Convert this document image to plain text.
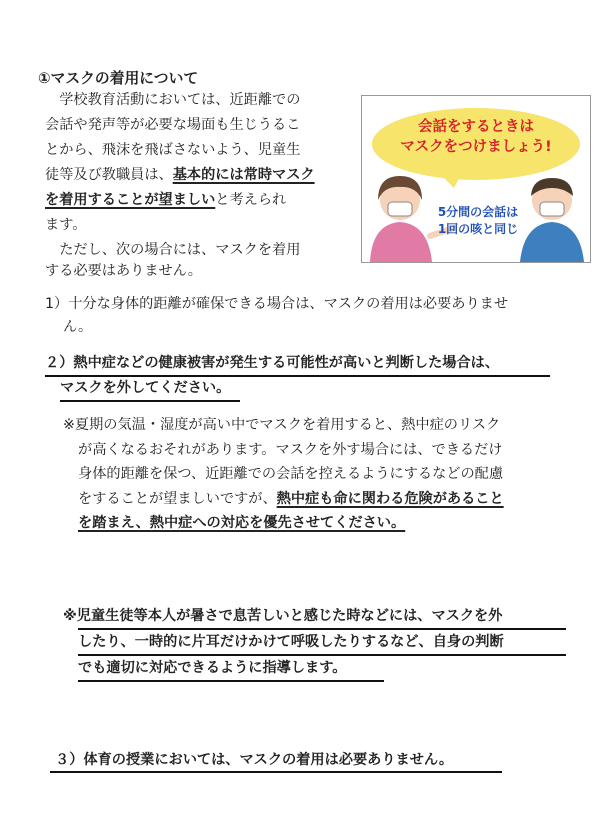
①マスクの着用について
　学校教育活動においては、近距離での
会話や発声等が必要な場面も生じうるこ
とから、飛沫を飛ばさないよう、児童生
徒等及び教職員は、基本的には常時マスク
を着用することが望ましいと考えられ
ます。
　ただし、次の場合には、マスクを着用
する必要はありません。
会話をするときは
マスクをつけましょう!
5分間の会話は
1回の咳と同じ
1）十分な身体的距離が確保できる場合は、マスクの着用は必要ありませ
ん。
２）熱中症などの健康被害が発生する可能性が高いと判断した場合は、
マスクを外してください。
※夏期の気温・湿度が高い中でマスクを着用すると、熱中症のリスク
が高くなるおそれがあります。マスクを外す場合には、できるだけ
身体的距離を保つ、近距離での会話を控えるようにするなどの配慮
をすることが望ましいですが、熱中症も命に関わる危険があること
を踏まえ、熱中症への対応を優先させてください。
※児童生徒等本人が暑さで息苦しいと感じた時などには、マスクを外
したり、一時的に片耳だけかけて呼吸したりするなど、自身の判断
でも適切に対応できるように指導します。
３）体育の授業においては、マスクの着用は必要ありません。
